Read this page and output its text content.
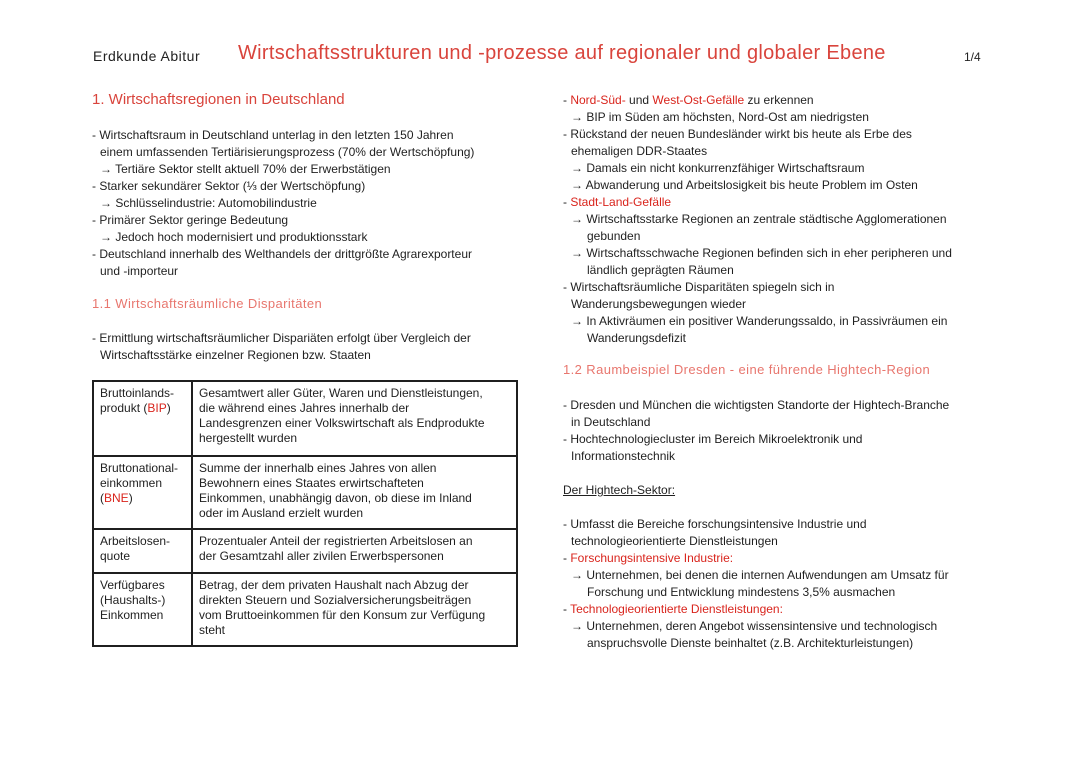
Erdkunde Abitur Wirtschaftsstrukturen und -prozesse auf regionaler und globaler Ebene	1/4
1. Wirtschaftsregionen in Deutschland
- Wirtschaftsraum in Deutschland unterlag in den letzten 150 Jahren
einem umfassenden Tertiärisierungsprozess (70% der Wertschöpfung)
→ Tertiäre Sektor stellt aktuell 70% der Erwerbstätigen
- Starker sekundärer Sektor (⅓ der Wertschöpfung)
→ Schlüsselindustrie: Automobilindustrie
- Primärer Sektor geringe Bedeutung
→ Jedoch hoch modernisiert und produktionsstark
- Deutschland innerhalb des Welthandels der drittgrößte Agrarexporteur
und -importeur
1.1 Wirtschaftsräumliche Disparitäten
- Ermittlung wirtschaftsräumlicher Dispariäten erfolgt über Vergleich der
Wirtschaftsstärke einzelner Regionen bzw. Staaten
Bruttoinlands-
produkt (BIP)	Gesamtwert aller Güter, Waren und Dienstleistungen,
die während eines Jahres innerhalb der
Landesgrenzen einer Volkswirtschaft als Endprodukte
hergestellt wurden

Bruttonational-
einkommen
(BNE)	Summe der innerhalb eines Jahres von allen
Bewohnern eines Staates erwirtschafteten
Einkommen, unabhängig davon, ob diese im Inland
oder im Ausland erzielt wurden

Arbeitslosen-
quote	Prozentualer Anteil der registrierten Arbeitslosen an
der Gesamtzahl aller zivilen Erwerbspersonen

Verfügbares
(Haushalts-)
Einkommen	Betrag, der dem privaten Haushalt nach Abzug der
direkten Steuern und Sozialversicherungsbeiträgen
vom Bruttoeinkommen für den Konsum zur Verfügung
steht
- Nord-Süd- und West-Ost-Gefälle zu erkennen
→ BIP im Süden am höchsten, Nord-Ost am niedrigsten
- Rückstand der neuen Bundesländer wirkt bis heute als Erbe des
ehemaligen DDR-Staates
→ Damals ein nicht konkurrenzfähiger Wirtschaftsraum
→ Abwanderung und Arbeitslosigkeit bis heute Problem im Osten
- Stadt-Land-Gefälle
→ Wirtschaftsstarke Regionen an zentrale städtische Agglomerationen
gebunden
→ Wirtschaftsschwache Regionen befinden sich in eher peripheren und
ländlich geprägten Räumen
- Wirtschaftsräumliche Disparitäten spiegeln sich in
Wanderungsbewegungen wieder
→ In Aktivräumen ein positiver Wanderungssaldo, in Passivräumen ein
Wanderungsdefizit
1.2 Raumbeispiel Dresden - eine führende Hightech-Region
- Dresden und München die wichtigsten Standorte der Hightech-Branche
in Deutschland
- Hochtechnologiecluster im Bereich Mikroelektronik und
Informationstechnik
Der Hightech-Sektor:
- Umfasst die Bereiche forschungsintensive Industrie und
technologieorientierte Dienstleistungen
- Forschungsintensive Industrie:
→ Unternehmen, bei denen die internen Aufwendungen am Umsatz für
Forschung und Entwicklung mindestens 3,5% ausmachen
- Technologieorientierte Dienstleistungen:
→ Unternehmen, deren Angebot wissensintensive und technologisch
anspruchsvolle Dienste beinhaltet (z.B. Architekturleistungen)
